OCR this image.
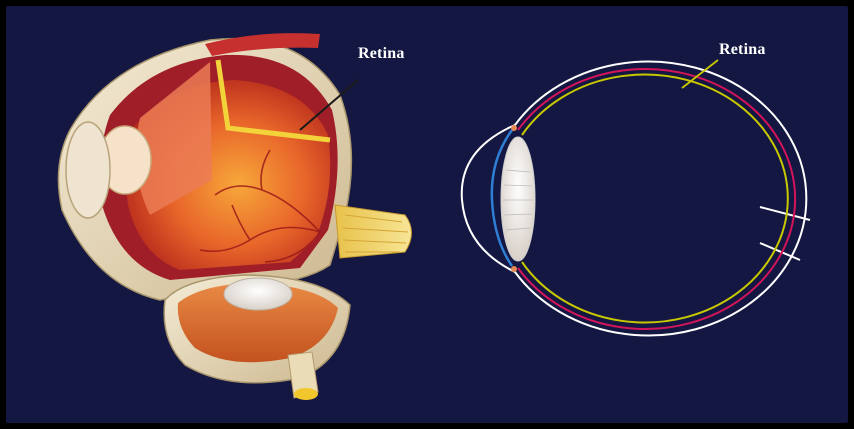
Retina	Retina
